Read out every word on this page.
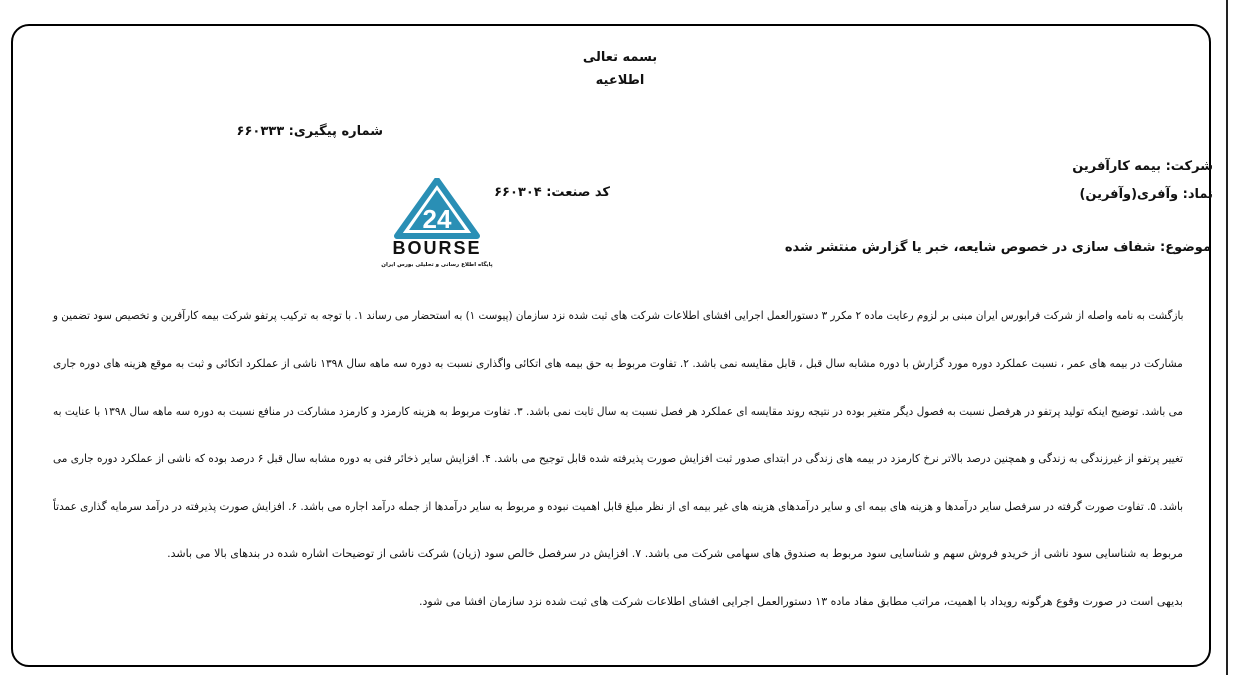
بسمه تعالی
اطلاعیه
شماره پیگیری: ۶۶۰۳۳۳
شرکت: بیمه کارآفرین
نماد: وآفری(وآفرین)
کد صنعت: ۶۶۰۳۰۴
موضوع: شفاف سازی در خصوص شایعه، خبر یا گزارش منتشر شده
24
BOURSE
پایگاه اطلاع رسانی و تحلیلی بورس ایران
بازگشت به نامه واصله از شرکت فرابورس ایران مبنی بر لزوم رعایت ماده ۲ مکرر ۳ دستورالعمل اجرایی افشای اطلاعات شرکت های ثبت شده نزد سازمان (پیوست ۱) به استحضار می رساند ۱. با توجه به ترکیب پرتفو شرکت بیمه کارآفرین و تخصیص سود تضمین و
مشارکت در بیمه های عمر ، نسبت عملکرد دوره مورد گزارش با دوره مشابه سال قبل ، قابل مقایسه نمی باشد. ۲. تفاوت مربوط به حق بیمه های اتکائی واگذاری نسبت به دوره سه ماهه سال ۱۳۹۸ ناشی از عملکرد اتکائی و ثبت به موقع هزینه های دوره جاری
می باشد. توضیح اینکه تولید پرتفو در هرفصل نسبت به فصول دیگر متغیر بوده در نتیجه روند مقایسه ای عملکرد هر فصل نسبت به سال ثابت نمی باشد. ۳. تفاوت مربوط به هزینه کارمزد و کارمزد مشارکت در منافع نسبت به دوره سه ماهه سال ۱۳۹۸ با عنایت به
تغییر پرتفو از غیرزندگی به زندگی و همچنین درصد بالاتر نرخ کارمزد در بیمه های زندگی در ابتدای صدور ثبت افزایش صورت پذیرفته شده قابل توجیح می باشد. ۴. افزایش سایر ذخائر فنی به دوره مشابه سال قبل ۶ درصد بوده که ناشی از عملکرد دوره جاری می
باشد. ۵. تفاوت صورت گرفته در سرفصل سایر درآمدها و هزینه های بیمه ای و سایر درآمدهای هزینه های غیر بیمه ای از نظر مبلغ قابل اهمیت نبوده و مربوط به سایر درآمدها از جمله درآمد اجاره می باشد. ۶. افزایش صورت پذیرفته در درآمد سرمایه گذاری عمدتاً
مربوط به شناسایی سود ناشی از خریدو فروش سهم و شناسایی سود مربوط به صندوق های سهامی شرکت می باشد. ۷. افزایش در سرفصل خالص سود (زیان) شرکت ناشی از توضیحات اشاره شده در بندهای بالا می باشد.
بدیهی است در صورت وقوع هرگونه رویداد با اهمیت، مراتب مطابق مفاد ماده ۱۳ دستورالعمل اجرایی افشای اطلاعات شرکت های ثبت شده نزد سازمان افشا می شود.
